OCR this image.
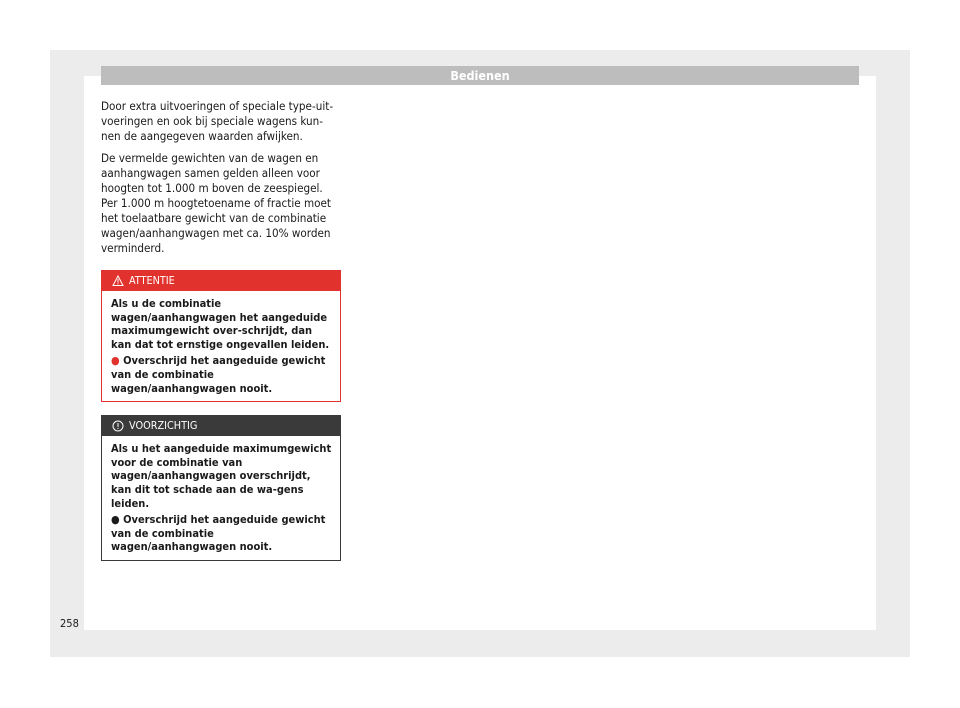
Bedienen

Door extra uitvoeringen of speciale type-uit-voeringen en ook bij speciale wagens kun-nen de aangegeven waarden afwijken.

De vermelde gewichten van de wagen en aanhangwagen samen gelden alleen voor hoogten tot 1.000 m boven de zeespiegel. Per 1.000 m hoogtetoename of fractie moet het toelaatbare gewicht van de combinatie wagen/aanhangwagen met ca. 10% worden verminderd.

ATTENTIE
Als u de combinatie wagen/aanhangwagen het aangeduide maximumgewicht over-schrijdt, dan kan dat tot ernstige ongevallen leiden.
● Overschrijd het aangeduide gewicht van de combinatie wagen/aanhangwagen nooit.
VOORZICHTIG
Als u het aangeduide maximumgewicht voor de combinatie van wagen/aanhangwagen overschrijdt, kan dit tot schade aan de wa-gens leiden.
● Overschrijd het aangeduide gewicht van de combinatie wagen/aanhangwagen nooit.
258
